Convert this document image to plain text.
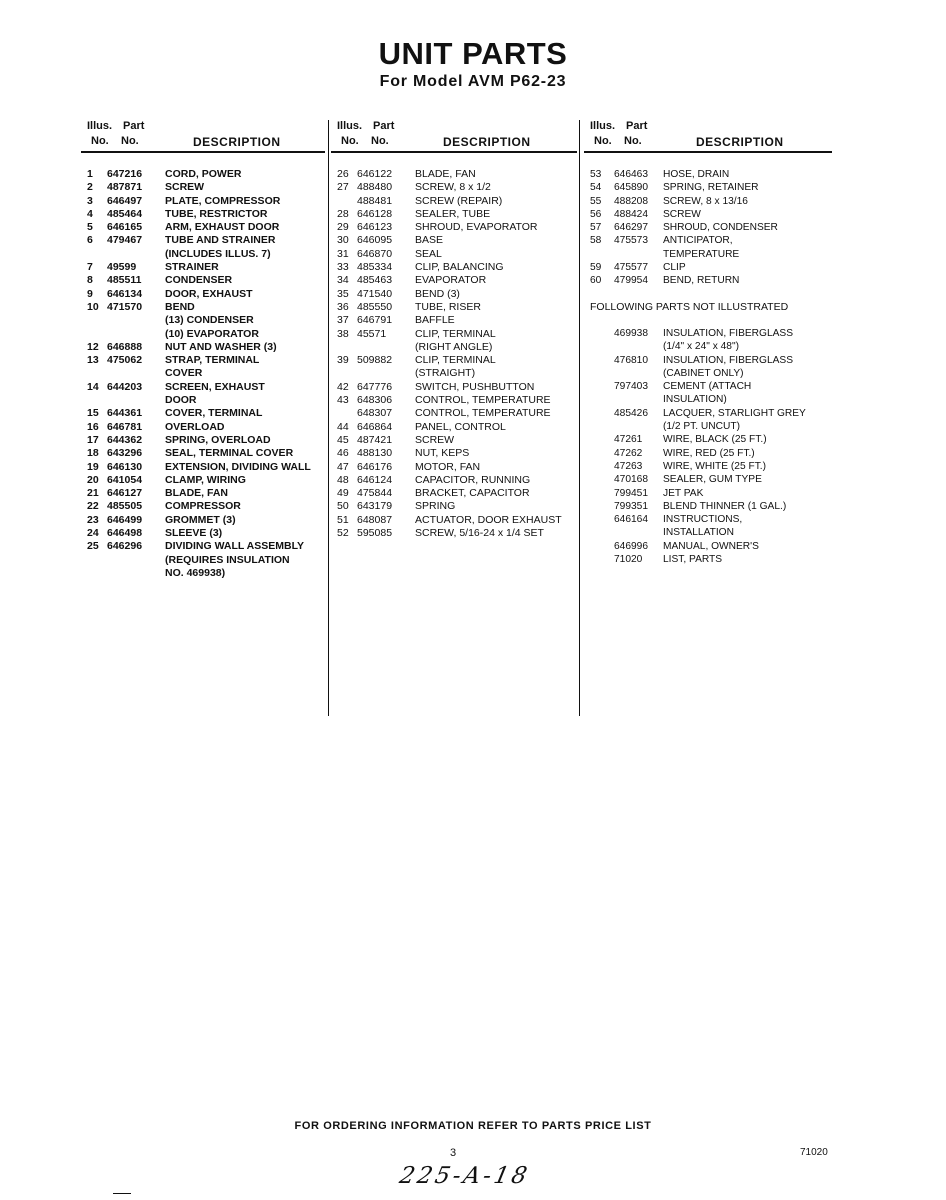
UNIT PARTS
For Model AVM P62-23
Illus. Part
No. No.	DESCRIPTION
1	647216	CORD, POWER
2	487871	SCREW
3	646497	PLATE, COMPRESSOR
4	485464	TUBE, RESTRICTOR
5	646165	ARM, EXHAUST DOOR
6	479467	TUBE AND STRAINER
(INCLUDES ILLUS. 7)
7	49599	STRAINER
8	485511	CONDENSER
9	646134	DOOR, EXHAUST
10 471570	BEND
(13) CONDENSER
(10) EVAPORATOR
12 646888	NUT AND WASHER (3)
13 475062	STRAP, TERMINAL
COVER
14 644203	SCREEN, EXHAUST
DOOR
15 644361	COVER, TERMINAL
16 646781	OVERLOAD
17 644362	SPRING, OVERLOAD
18 643296	SEAL, TERMINAL COVER
19 646130	EXTENSION, DIVIDING WALL
20 641054	CLAMP, WIRING
21 646127	BLADE, FAN
22 485505	COMPRESSOR
23 646499	GROMMET (3)
24 646498	SLEEVE (3)
25 646296	DIVIDING WALL ASSEMBLY
(REQUIRES INSULATION
NO. 469938)
Illus. Part
No. No.	DESCRIPTION
26 646122	BLADE, FAN
27 488480	SCREW, 8 x 1/2
488481	SCREW (REPAIR)
28 646128	SEALER, TUBE
29 646123	SHROUD, EVAPORATOR
30 646095	BASE
31 646870	SEAL
33 485334	CLIP, BALANCING
34 485463	EVAPORATOR
35 471540	BEND (3)
36 485550	TUBE, RISER
37 646791	BAFFLE
38 45571	CLIP, TERMINAL
(RIGHT ANGLE)
39 509882	CLIP, TERMINAL
(STRAIGHT)
42 647776	SWITCH, PUSHBUTTON
43 648306	CONTROL, TEMPERATURE
648307	CONTROL, TEMPERATURE
44 646864	PANEL, CONTROL
45 487421	SCREW
46 488130	NUT, KEPS
47 646176	MOTOR, FAN
48 646124	CAPACITOR, RUNNING
49 475844	BRACKET, CAPACITOR
50 643179	SPRING
51 648087	ACTUATOR, DOOR EXHAUST
52 595085	SCREW, 5/16-24 x 1/4 SET
Illus. Part
No. No.	DESCRIPTION
53	646463	HOSE, DRAIN
54	645890	SPRING, RETAINER
55	488208	SCREW, 8 x 13/16
56	488424	SCREW
57	646297	SHROUD, CONDENSER
58	475573	ANTICIPATOR,
TEMPERATURE
59	475577	CLIP
60	479954	BEND, RETURN
FOLLOWING PARTS NOT ILLUSTRATED
469938	INSULATION, FIBERGLASS
(1/4" x 24" x 48")
476810	INSULATION, FIBERGLASS
(CABINET ONLY)
797403	CEMENT (ATTACH
INSULATION)
485426	LACQUER, STARLIGHT GREY
(1/2 PT. UNCUT)
47261	WIRE, BLACK (25 FT.)
47262	WIRE, RED (25 FT.)
47263	WIRE, WHITE (25 FT.)
470168	SEALER, GUM TYPE
799451	JET PAK
799351	BLEND THINNER (1 GAL.)
646164	INSTRUCTIONS,
INSTALLATION
646996	MANUAL, OWNER'S
71020	LIST, PARTS
FOR ORDERING INFORMATION REFER TO PARTS PRICE LIST
3	71020
225-A-18
